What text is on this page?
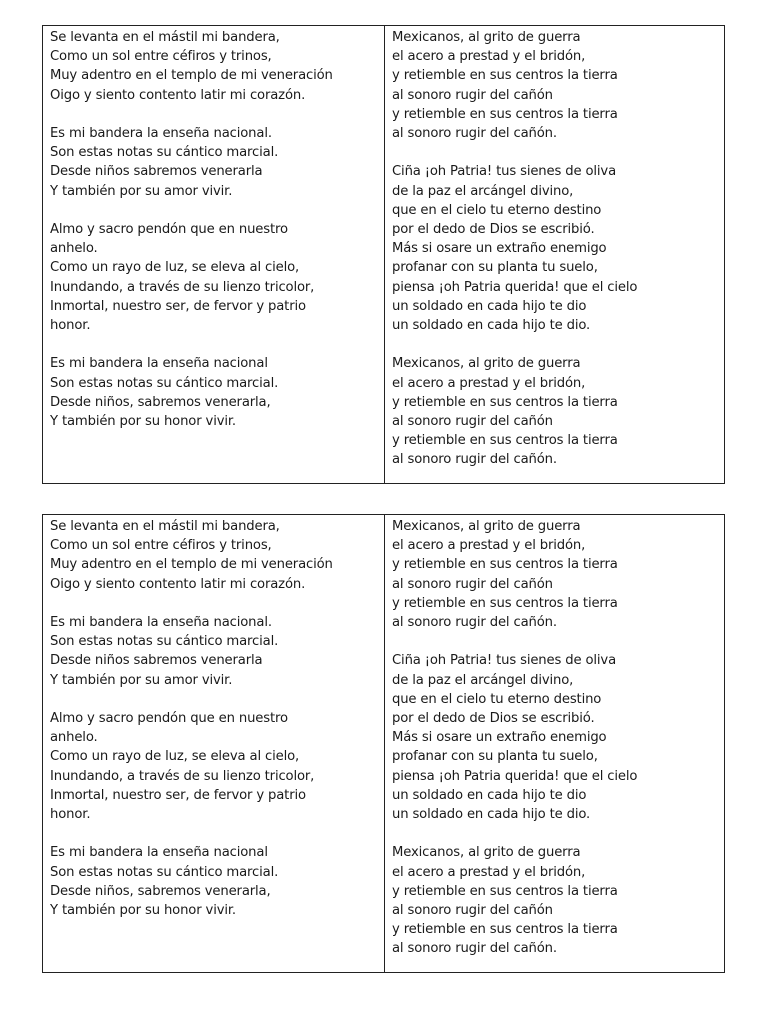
Se levanta en el mástil mi bandera,
Como un sol entre céfiros y trinos,
Muy adentro en el templo de mi veneración
Oigo y siento contento latir mi corazón.
Es mi bandera la enseña nacional.
Son estas notas su cántico marcial.
Desde niños sabremos venerarla
Y también por su amor vivir.
Almo y sacro pendón que en nuestro
anhelo.
Como un rayo de luz, se eleva al cielo,
Inundando, a través de su lienzo tricolor,
Inmortal, nuestro ser, de fervor y patrio
honor.
Es mi bandera la enseña nacional
Son estas notas su cántico marcial.
Desde niños, sabremos venerarla,
Y también por su honor vivir.
Mexicanos, al grito de guerra
el acero a prestad y el bridón,
y retiemble en sus centros la tierra
al sonoro rugir del cañón
y retiemble en sus centros la tierra
al sonoro rugir del cañón.
Ciña ¡oh Patria! tus sienes de oliva
de la paz el arcángel divino,
que en el cielo tu eterno destino
por el dedo de Dios se escribió.
Más si osare un extraño enemigo
profanar con su planta tu suelo,
piensa ¡oh Patria querida! que el cielo
un soldado en cada hijo te dio
un soldado en cada hijo te dio.
Mexicanos, al grito de guerra
el acero a prestad y el bridón,
y retiemble en sus centros la tierra
al sonoro rugir del cañón
y retiemble en sus centros la tierra
al sonoro rugir del cañón.
Se levanta en el mástil mi bandera,
Como un sol entre céfiros y trinos,
Muy adentro en el templo de mi veneración
Oigo y siento contento latir mi corazón.
Es mi bandera la enseña nacional.
Son estas notas su cántico marcial.
Desde niños sabremos venerarla
Y también por su amor vivir.
Almo y sacro pendón que en nuestro
anhelo.
Como un rayo de luz, se eleva al cielo,
Inundando, a través de su lienzo tricolor,
Inmortal, nuestro ser, de fervor y patrio
honor.
Es mi bandera la enseña nacional
Son estas notas su cántico marcial.
Desde niños, sabremos venerarla,
Y también por su honor vivir.
Mexicanos, al grito de guerra
el acero a prestad y el bridón,
y retiemble en sus centros la tierra
al sonoro rugir del cañón
y retiemble en sus centros la tierra
al sonoro rugir del cañón.
Ciña ¡oh Patria! tus sienes de oliva
de la paz el arcángel divino,
que en el cielo tu eterno destino
por el dedo de Dios se escribió.
Más si osare un extraño enemigo
profanar con su planta tu suelo,
piensa ¡oh Patria querida! que el cielo
un soldado en cada hijo te dio
un soldado en cada hijo te dio.
Mexicanos, al grito de guerra
el acero a prestad y el bridón,
y retiemble en sus centros la tierra
al sonoro rugir del cañón
y retiemble en sus centros la tierra
al sonoro rugir del cañón.
